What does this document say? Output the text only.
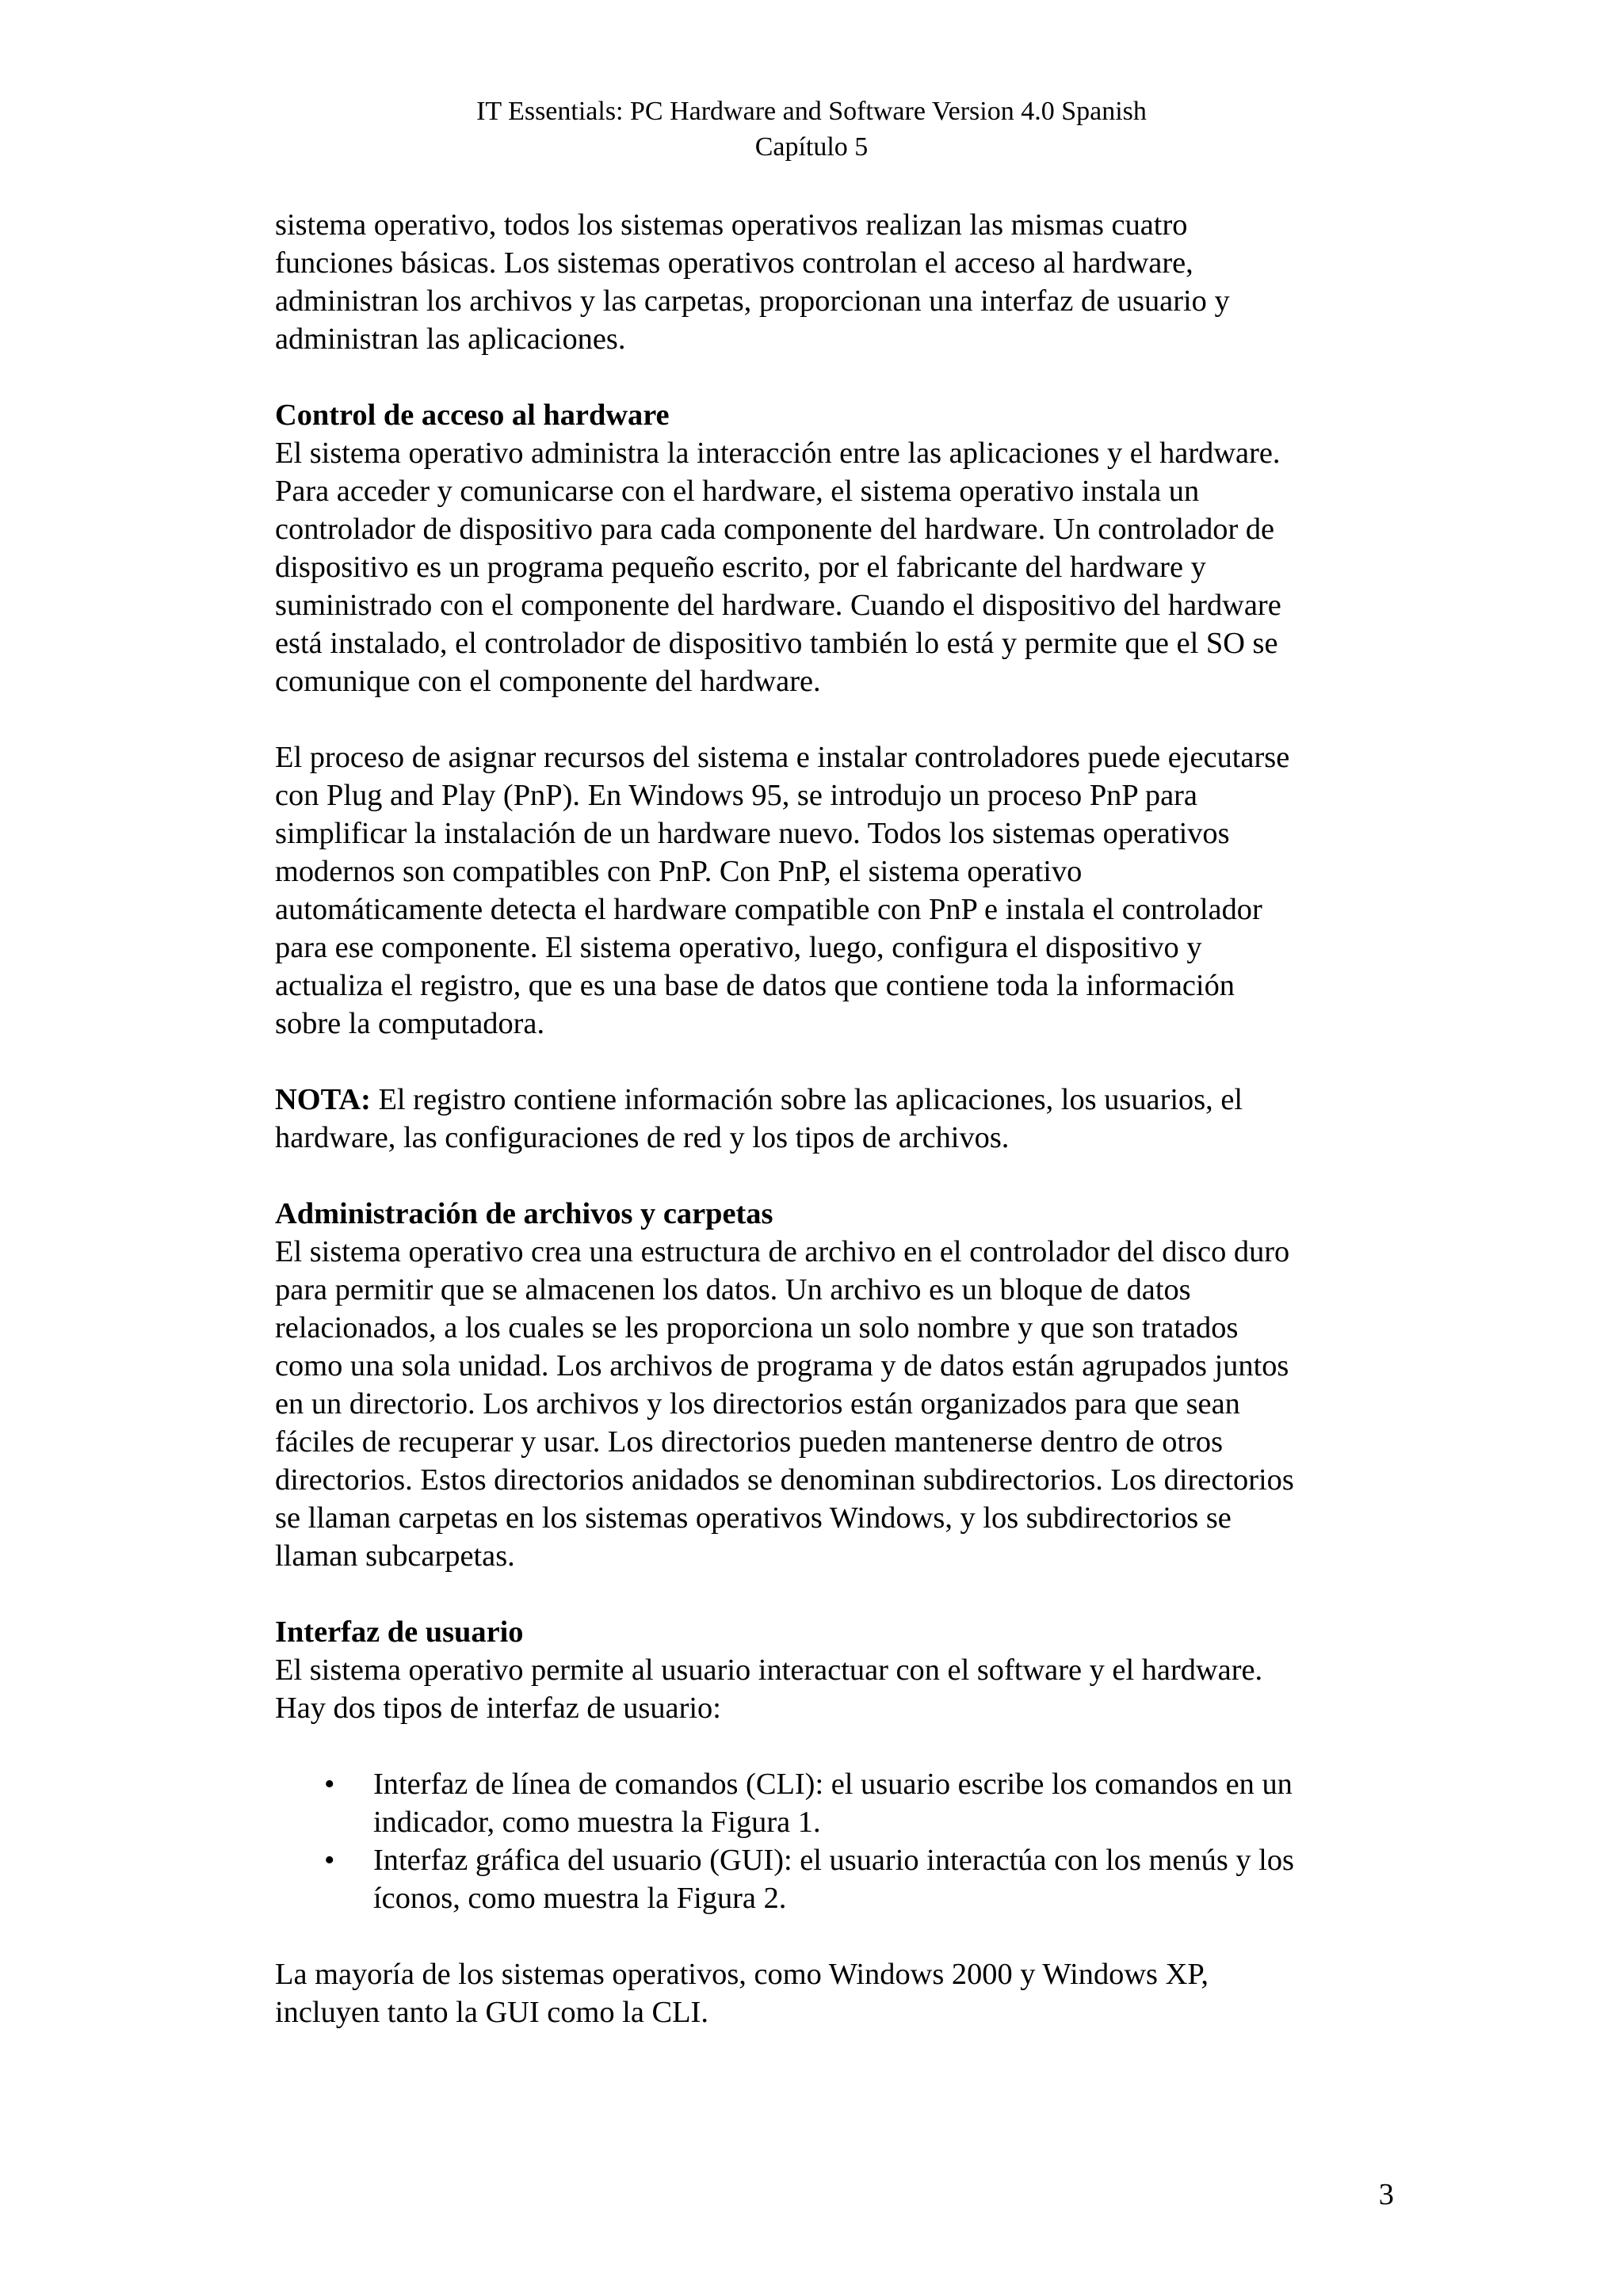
IT Essentials: PC Hardware and Software Version 4.0 Spanish
Capítulo 5

sistema operativo, todos los sistemas operativos realizan las mismas cuatro funciones básicas. Los sistemas operativos controlan el acceso al hardware, administran los archivos y las carpetas, proporcionan una interfaz de usuario y administran las aplicaciones.

Control de acceso al hardware

El sistema operativo administra la interacción entre las aplicaciones y el hardware. Para acceder y comunicarse con el hardware, el sistema operativo instala un controlador de dispositivo para cada componente del hardware. Un controlador de dispositivo es un programa pequeño escrito, por el fabricante del hardware y suministrado con el componente del hardware. Cuando el dispositivo del hardware está instalado, el controlador de dispositivo también lo está y permite que el SO se comunique con el componente del hardware.

El proceso de asignar recursos del sistema e instalar controladores puede ejecutarse con Plug and Play (PnP). En Windows 95, se introdujo un proceso PnP para simplificar la instalación de un hardware nuevo. Todos los sistemas operativos modernos son compatibles con PnP. Con PnP, el sistema operativo automáticamente detecta el hardware compatible con PnP e instala el controlador para ese componente. El sistema operativo, luego, configura el dispositivo y actualiza el registro, que es una base de datos que contiene toda la información sobre la computadora.

NOTA: El registro contiene información sobre las aplicaciones, los usuarios, el hardware, las configuraciones de red y los tipos de archivos.

Administración de archivos y carpetas

El sistema operativo crea una estructura de archivo en el controlador del disco duro para permitir que se almacenen los datos. Un archivo es un bloque de datos relacionados, a los cuales se les proporciona un solo nombre y que son tratados como una sola unidad. Los archivos de programa y de datos están agrupados juntos en un directorio. Los archivos y los directorios están organizados para que sean fáciles de recuperar y usar. Los directorios pueden mantenerse dentro de otros directorios. Estos directorios anidados se denominan subdirectorios. Los directorios se llaman carpetas en los sistemas operativos Windows, y los subdirectorios se llaman subcarpetas.

Interfaz de usuario

El sistema operativo permite al usuario interactuar con el software y el hardware. Hay dos tipos de interfaz de usuario:

• Interfaz de línea de comandos (CLI): el usuario escribe los comandos en un indicador, como muestra la Figura 1.
• Interfaz gráfica del usuario (GUI): el usuario interactúa con los menús y los íconos, como muestra la Figura 2.

La mayoría de los sistemas operativos, como Windows 2000 y Windows XP, incluyen tanto la GUI como la CLI.

3
